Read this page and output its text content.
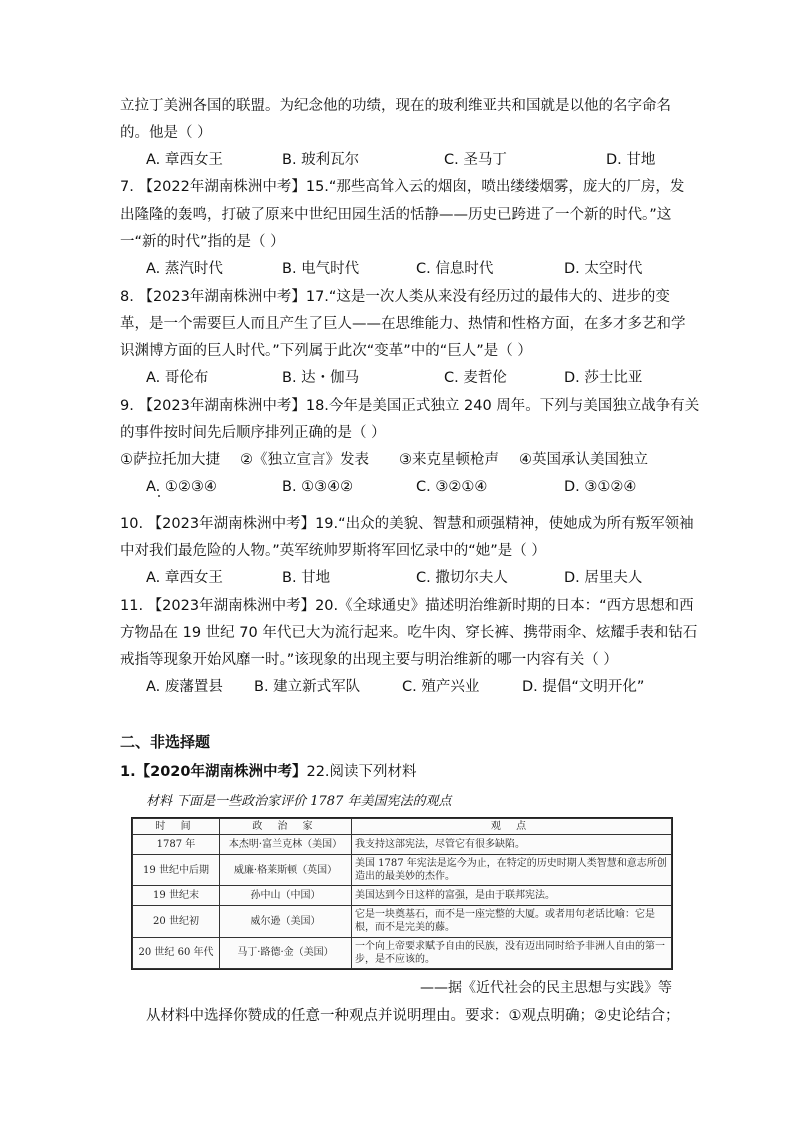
立拉丁美洲各国的联盟。为纪念他的功绩，现在的玻利维亚共和国就是以他的名字命名
的。他是（ ）
A. 章西女王	B. 玻利瓦尔	C. 圣马丁	D. 甘地
7. 【2022年湖南株洲中考】15.“那些高耸入云的烟囱，喷出缕缕烟雾，庞大的厂房，发
出隆隆的轰鸣，打破了原来中世纪田园生活的恬静——历史已跨进了一个新的时代。”这
一“新的时代”指的是（ ）
A. 蒸汽时代	B. 电气时代	C. 信息时代	D. 太空时代
8. 【2023年湖南株洲中考】17.“这是一次人类从来没有经历过的最伟大的、进步的变
革，是一个需要巨人而且产生了巨人——在思维能力、热情和性格方面，在多才多艺和学
识渊博方面的巨人时代。”下列属于此次“变革”中的“巨人”是（ ）
A. 哥伦布	B. 达・伽马	C. 麦哲伦	D. 莎士比亚
9. 【2023年湖南株洲中考】18.今年是美国正式独立 240 周年。下列与美国独立战争有关
的事件按时间先后顺序排列正确的是（ ）
①萨拉托加大捷 ②《独立宣言》发表 ③来克星顿枪声 ④英国承认美国独立
A. ①②③④	B. ①③④②	C. ③②①④	D. ③①②④
10. 【2023年湖南株洲中考】19.“出众的美貌、智慧和顽强精神，使她成为所有叛军领袖
中对我们最危险的人物。”英军统帅罗斯将军回忆录中的“她”是（ ）
A. 章西女王	B. 甘地	C. 撒切尔夫人	D. 居里夫人
11. 【2023年湖南株洲中考】20.《全球通史》描述明治维新时期的日本：“西方思想和西
方物品在 19 世纪 70 年代已大为流行起来。吃牛肉、穿长裤、携带雨伞、炫耀手表和钻石
戒指等现象开始风靡一时。”该现象的出现主要与明治维新的哪一内容有关（ ）
A. 废藩置县 B. 建立新式军队	C. 殖产兴业	D. 提倡“文明开化”
二、非选择题
1.【2020年湖南株洲中考】22.阅读下列材料
材料 下面是一些政治家评价 1787 年美国宪法的观点
时 间	政 治 家	观 点
1787 年	本杰明·富兰克林（美国）	我支持这部宪法，尽管它有很多缺陷。
19 世纪中后期	威廉·格莱斯顿（英国）	美国 1787 年宪法是迄今为止，在特定的历史时期人类智慧和意志所创造出的最美妙的杰作。
19 世纪末	孙中山（中国）	美国达到今日这样的富强，是由于联邦宪法。
20 世纪初	威尔逊（美国）	它是一块奠基石，而不是一座完整的大厦。或者用句老话比喻：它是根，而不是完美的藤。
20 世纪 60 年代	马丁·路德·金（美国）	一个向上帝要求赋予自由的民族，没有迈出同时给予非洲人自由的第一步，是不应该的。
——据《近代社会的民主思想与实践》等
从材料中选择你赞成的任意一种观点并说明理由。要求：①观点明确；②史论结合；
